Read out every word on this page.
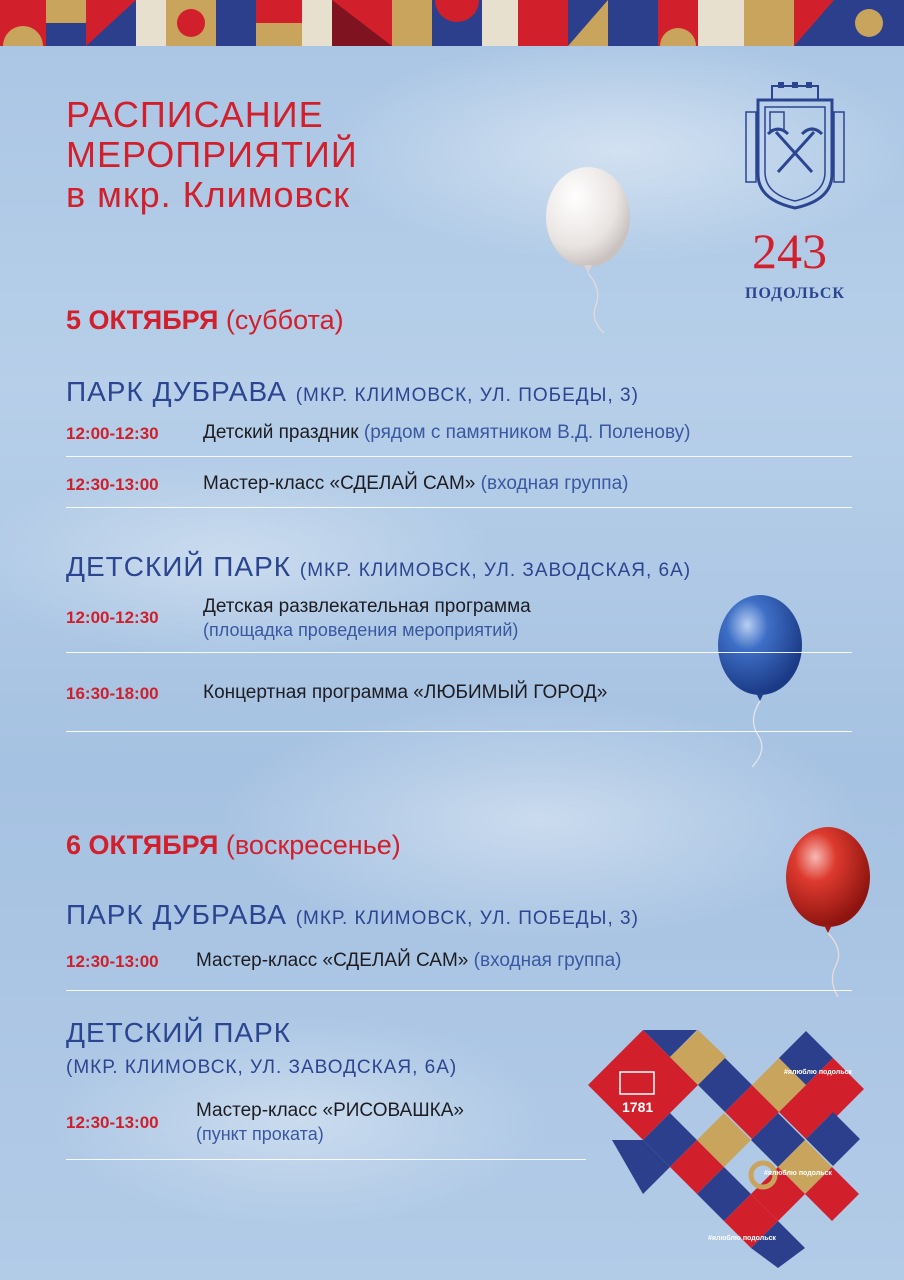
РАСПИСАНИЕ
МЕРОПРИЯТИЙ
в мкр. Климовск
243
ПОДОЛЬСК
5 ОКТЯБРЯ (суббота)
ПАРК ДУБРАВА (МКР. КЛИМОВСК, УЛ. ПОБЕДЫ, 3)
12:00-12:30 Детский праздник (рядом с памятником В.Д. Поленову)
12:30-13:00 Мастер-класс «СДЕЛАЙ САМ» (входная группа)
ДЕТСКИЙ ПАРК (МКР. КЛИМОВСК, УЛ. ЗАВОДСКАЯ, 6А)
12:00-12:30
Детская развлекательная программа
(площадка проведения мероприятий)
16:30-18:00 Концертная программа «ЛЮБИМЫЙ ГОРОД»
6 ОКТЯБРЯ (воскресенье)
ПАРК ДУБРАВА (МКР. КЛИМОВСК, УЛ. ПОБЕДЫ, 3)
12:30-13:00 Мастер-класс «СДЕЛАЙ САМ» (входная группа)
ДЕТСКИЙ ПАРК
(МКР. КЛИМОВСК, УЛ. ЗАВОДСКАЯ, 6А)
12:30-13:00
Мастер-класс «РИСОВАШКА»
(пункт проката)
1781
#ялюблю подольск
#ялюблю подольск
#ялюблю подольск
